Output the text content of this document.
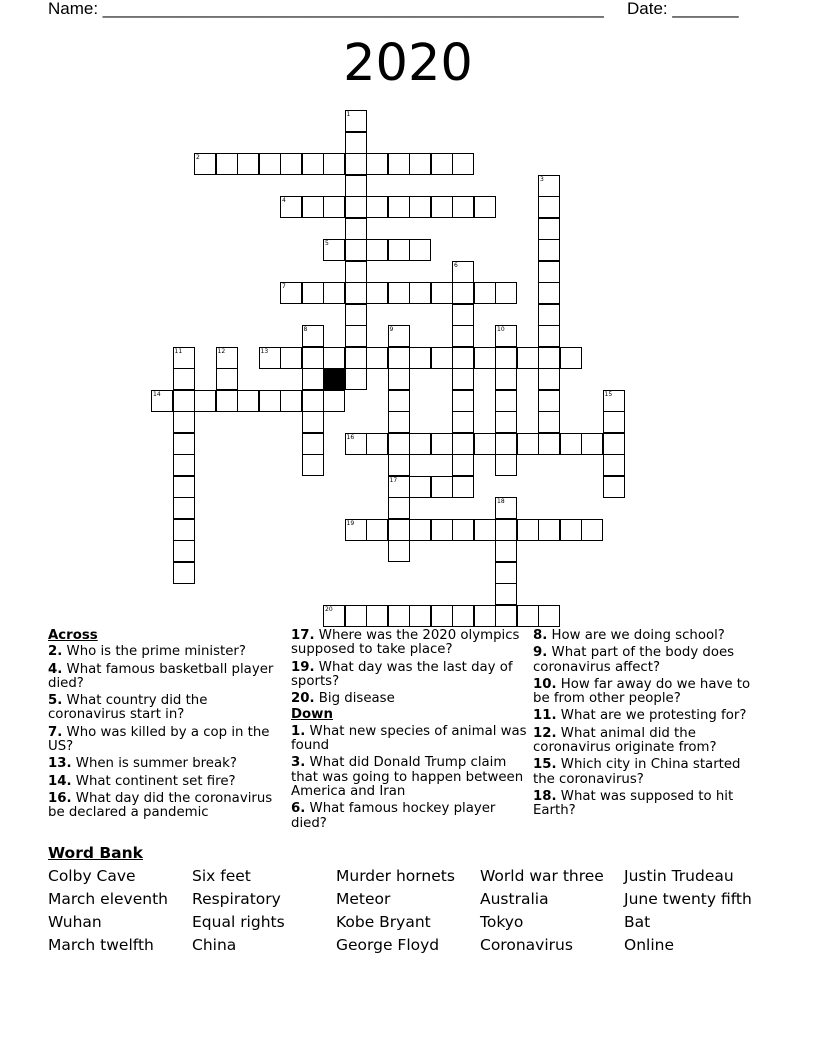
Name: _____________________________________________________ Date: _______
2020
1
2
3
4
5
6
7
8	9
17
10
11	12	13
14	15
16
18
19
20
Across
2. Who is the prime minister?
4. What famous basketball player died?
5. What country did the coronavirus start in?
7. Who was killed by a cop in the US?
13. When is summer break?
14. What continent set fire?
16. What day did the coronavirus be declared a pandemic
17. Where was the 2020 olympics supposed to take place?
19. What day was the last day of sports?
20. Big disease
Down
1. What new species of animal was found
3. What did Donald Trump claim that was going to happen between America and Iran
6. What famous hockey player died?
8. How are we doing school?
9. What part of the body does coronavirus affect?
10. How far away do we have to be from other people?
11. What are we protesting for?
12. What animal did the coronavirus originate from?
15. Which city in China started the coronavirus?
18. What was supposed to hit Earth?
Word Bank
Colby Cave	Six feet	Murder hornets	World war three	Justin Trudeau
March eleventh	Respiratory	Meteor	Australia	June twenty fifth
Wuhan	Equal rights	Kobe Bryant	Tokyo	Bat
March twelfth	China	George Floyd	Coronavirus	Online
